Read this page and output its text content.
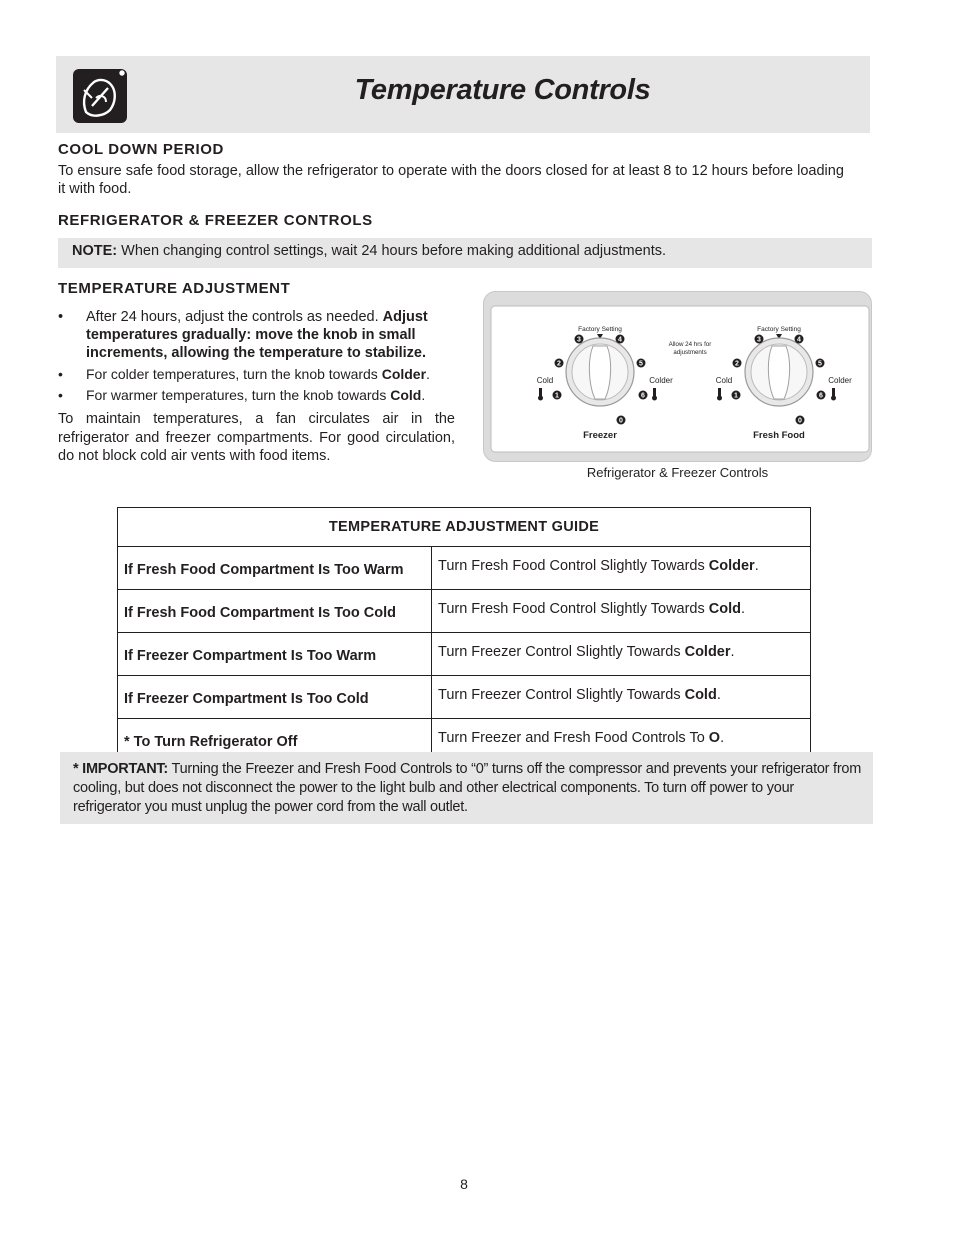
Temperature Controls
COOL DOWN PERIOD
To ensure safe food storage, allow the refrigerator to operate with the doors closed for at least 8 to 12 hours before loading
it with food.
REFRIGERATOR & FREEZER CONTROLS
NOTE: When changing control settings, wait 24 hours before making additional adjustments.
TEMPERATURE ADJUSTMENT
• After 24 hours, adjust the controls as needed. Adjust temperatures gradually: move the knob in small increments, allowing the temperature to stabilize.
• For colder temperatures, turn the knob towards Colder.
• For warmer temperatures, turn the knob towards Cold.
To maintain temperatures, a fan circulates air in the refrigerator and freezer compartments. For good circulation, do not block cold air vents with food items.
Factory Setting
3	4
2	5
1	6
0
Cold	Colder
Freezer
Allow 24 hrs for
adjustments
Factory Setting
3	4
2	5
1	6
0
Cold	Colder
Fresh Food
Refrigerator & Freezer Controls
TEMPERATURE ADJUSTMENT GUIDE	
If Fresh Food Compartment Is Too Warm	Turn Fresh Food Control Slightly Towards Colder.
If Fresh Food Compartment Is Too Cold	Turn Fresh Food Control Slightly Towards Cold.
If Freezer Compartment Is Too Warm	Turn Freezer Control Slightly Towards Colder.
If Freezer Compartment Is Too Cold	Turn Freezer Control Slightly Towards Cold.
* To Turn Refrigerator Off	Turn Freezer and Fresh Food Controls To O.
* IMPORTANT: Turning the Freezer and Fresh Food Controls to “0” turns off the compressor and prevents your refrigerator from cooling, but does not disconnect the power to the light bulb and other electrical components. To turn off power to your refrigerator you must unplug the power cord from the wall outlet.
8
